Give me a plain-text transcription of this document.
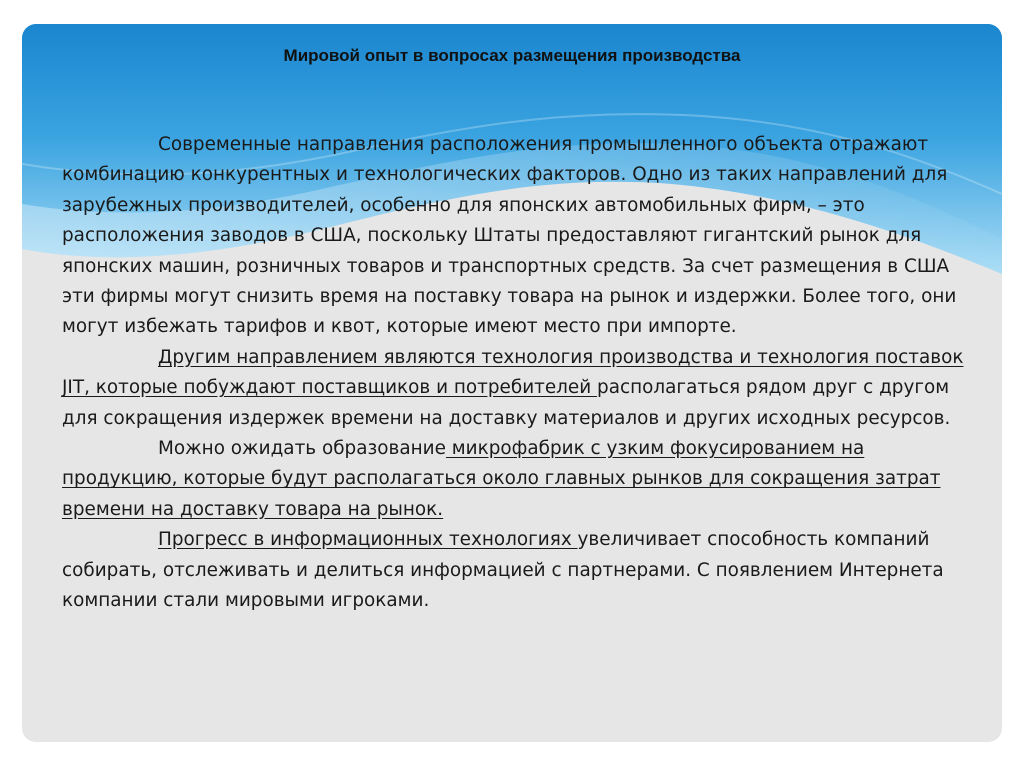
Мировой опыт в вопросах размещения производства

Современные направления расположения промышленного объекта отражают комбинацию конкурентных и технологических факторов. Одно из таких направлений для зарубежных производителей, особенно для японских автомобильных фирм, – это расположения заводов в США, поскольку Штаты предоставляют гигантский рынок для японских машин, розничных товаров и транспортных средств. За счет размещения в США эти фирмы могут снизить время на поставку товара на рынок и издержки. Более того, они могут избежать тарифов и квот, которые имеют место при импорте.

Другим направлением являются технология производства и технология поставок JIT, которые побуждают поставщиков и потребителей располагаться рядом друг с другом для сокращения издержек времени на доставку материалов и других исходных ресурсов.

Можно ожидать образование микрофабрик с узким фокусированием на продукцию, которые будут располагаться около главных рынков для сокращения затрат времени на доставку товара на рынок.

Прогресс в информационных технологиях увеличивает способность компаний собирать, отслеживать и делиться информацией с партнерами. С появлением Интернета компании стали мировыми игроками.
